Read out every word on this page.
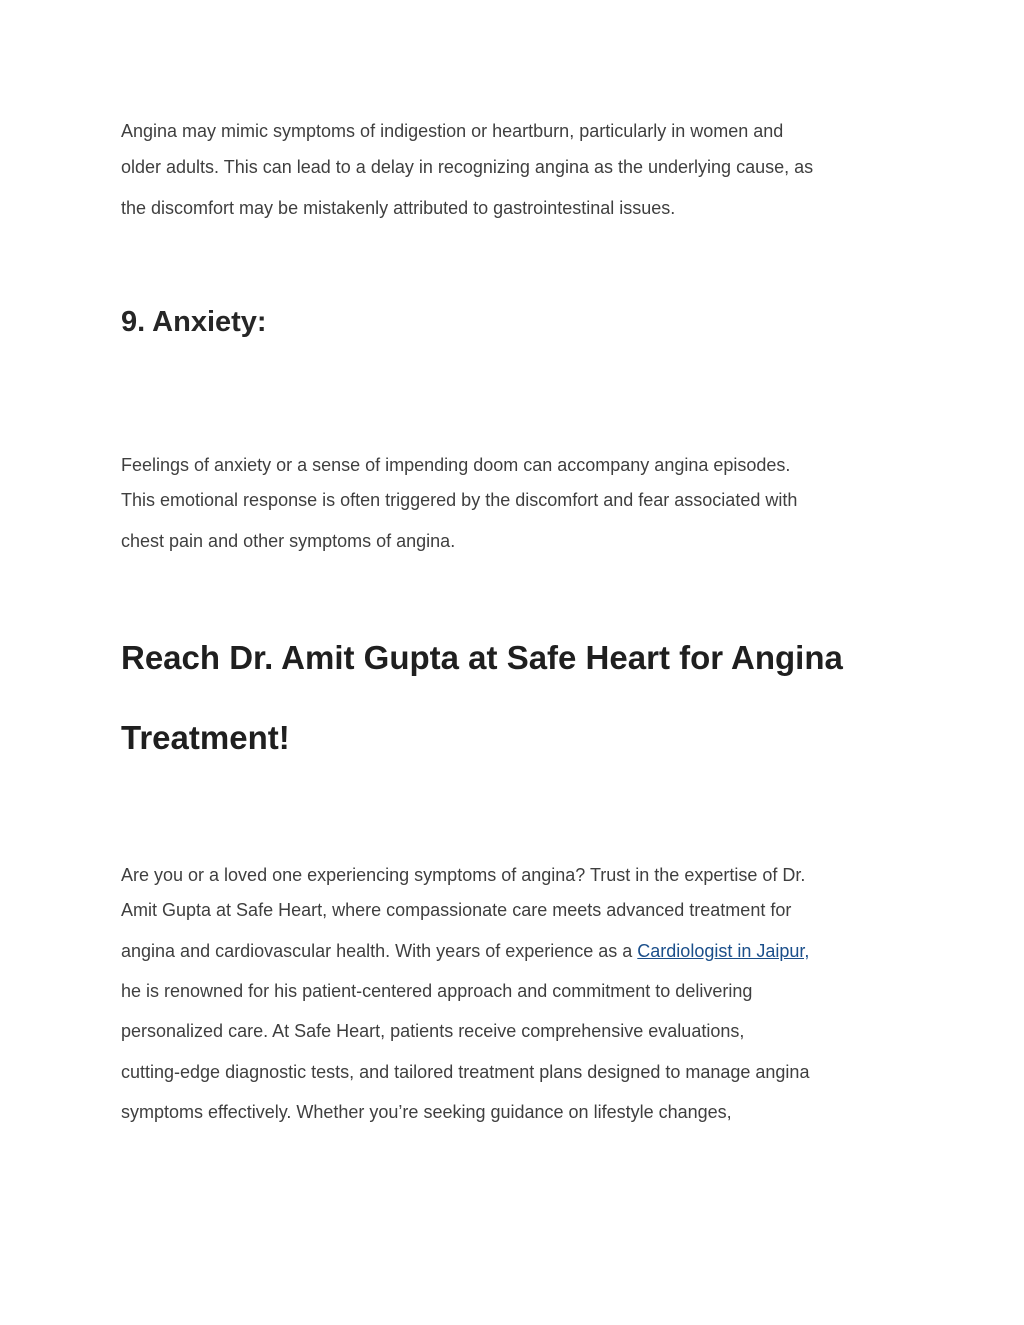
Angina may mimic symptoms of indigestion or heartburn, particularly in women and
older adults. This can lead to a delay in recognizing angina as the underlying cause, as
the discomfort may be mistakenly attributed to gastrointestinal issues.
9. Anxiety:
Feelings of anxiety or a sense of impending doom can accompany angina episodes.
This emotional response is often triggered by the discomfort and fear associated with
chest pain and other symptoms of angina.
Reach Dr. Amit Gupta at Safe Heart for Angina
Treatment!
Are you or a loved one experiencing symptoms of angina? Trust in the expertise of Dr.
Amit Gupta at Safe Heart, where compassionate care meets advanced treatment for
angina and cardiovascular health. With years of experience as a Cardiologist in Jaipur,
he is renowned for his patient-centered approach and commitment to delivering
personalized care. At Safe Heart, patients receive comprehensive evaluations,
cutting-edge diagnostic tests, and tailored treatment plans designed to manage angina
symptoms effectively. Whether you’re seeking guidance on lifestyle changes,
